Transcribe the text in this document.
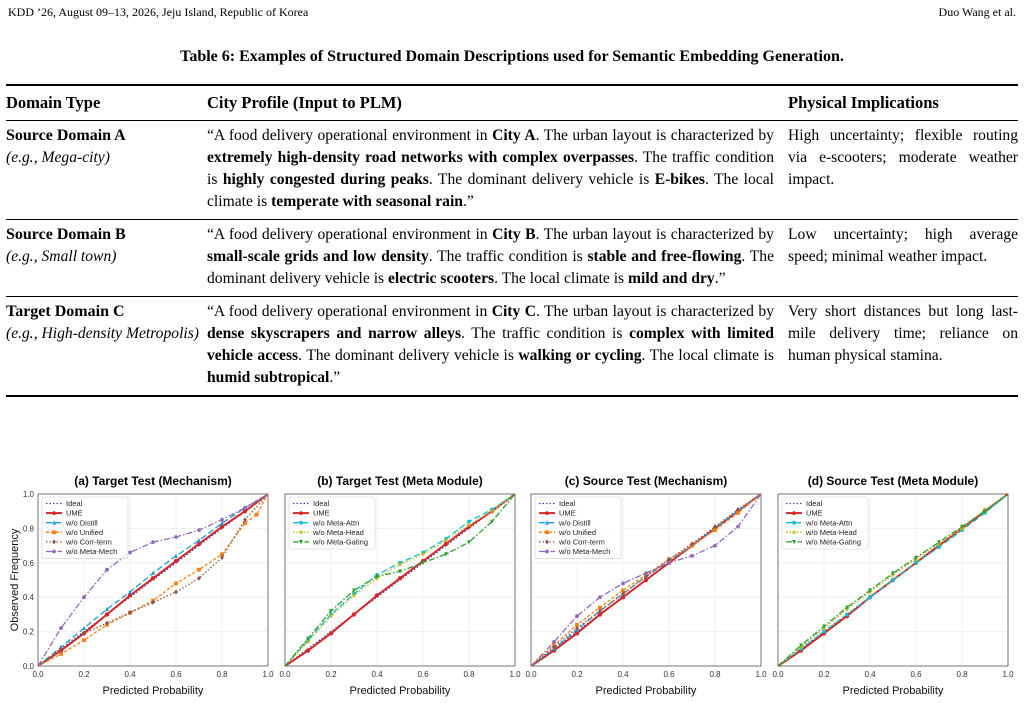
KDD ’26, August 09–13, 2026, Jeju Island, Republic of Korea	Duo Wang et al.
Table 6: Examples of Structured Domain Descriptions used for Semantic Embedding Generation.
Domain Type	City Profile (Input to PLM)	Physical Implications

Source Domain A
(e.g., Mega-city)	“A food delivery operational environment in City A. The urban layout is characterized by extremely high-density road networks with complex overpasses. The traffic condition is highly congested during peaks. The dominant delivery vehicle is E-bikes. The local climate is temperate with seasonal rain.”	High uncertainty; flexible routing via e-scooters; moderate weather impact.

Source Domain B
(e.g., Small town)	“A food delivery operational environment in City B. The urban layout is characterized by small-scale grids and low density. The traffic condition is stable and free-flowing. The dominant delivery vehicle is electric scooters. The local climate is mild and dry.”	Low uncertainty; high average speed; minimal weather impact.

Target Domain C
(e.g., High-density Metropolis)	“A food delivery operational environment in City C. The urban layout is characterized by dense skyscrapers and narrow alleys. The traffic condition is complex with limited vehicle access. The dominant delivery vehicle is walking or cycling. The local climate is humid subtropical.”	Very short distances but long last-mile delivery time; reliance on human physical stamina.
(a) Target Test (Mechanism)
0.0	0.2	0.4	0.6	0.8	1.0
0.0
0.2
0.4
0.6
0.8
1.0
Predicted Probability
Observed Frequency
Ideal
UME
w/o Distill
w/o Unified
w/o Corr-term
w/o Meta-Mech
(b) Target Test (Meta Module)
0.0	0.2	0.4	0.6	0.8	1.0
Predicted Probability
Ideal
UME
w/o Meta-Attn
w/o Meta-Head
w/o Meta-Gating
(c) Source Test (Mechanism)
0.0	0.2	0.4	0.6	0.8	1.0
Predicted Probability
Ideal
UME
w/o Distill
w/o Unified
w/o Corr-term
w/o Meta-Mech
(d) Source Test (Meta Module)
0.0	0.2	0.4	0.6	0.8	1.0
Predicted Probability
Ideal
UME
w/o Meta-Attn
w/o Meta-Head
w/o Meta-Gating
